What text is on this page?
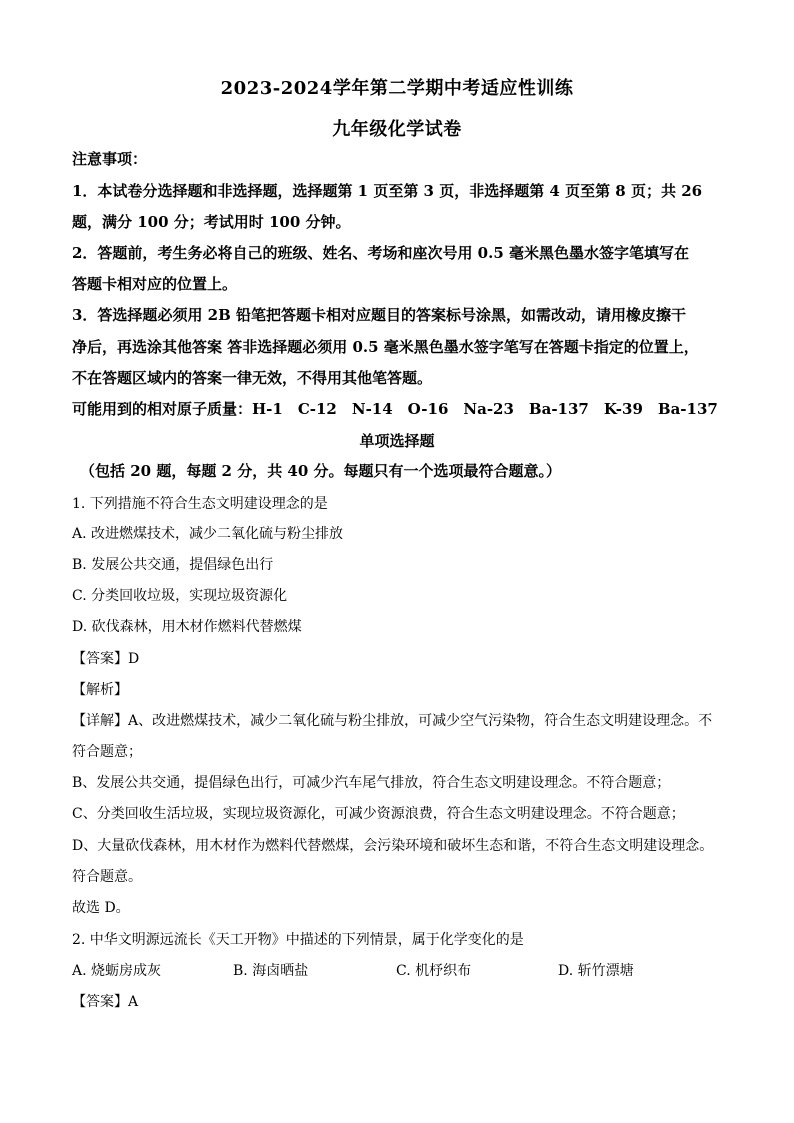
2023-2024学年第二学期中考适应性训练
九年级化学试卷
注意事项：
1．本试卷分选择题和非选择题，选择题第 1 页至第 3 页，非选择题第 4 页至第 8 页；共 26
题，满分 100 分；考试用时 100 分钟。
2．答题前，考生务必将自己的班级、姓名、考场和座次号用 0.5 毫米黑色墨水签字笔填写在
答题卡相对应的位置上。
3．答选择题必须用 2B 铅笔把答题卡相对应题目的答案标号涂黑，如需改动，请用橡皮擦干
净后，再选涂其他答案 答非选择题必须用 0.5 毫米黑色墨水签字笔写在答题卡指定的位置上，
不在答题区域内的答案一律无效，不得用其他笔答题。
可能用到的相对原子质量：H-1　C-12　N-14　O-16　Na-23　Ba-137　K-39　Ba-137
单项选择题
（包括 20 题，每题 2 分，共 40 分。每题只有一个选项最符合题意。）
1. 下列措施不符合生态文明建设理念的是
A. 改进燃煤技术，减少二氧化硫与粉尘排放
B. 发展公共交通，提倡绿色出行
C. 分类回收垃圾，实现垃圾资源化
D. 砍伐森林，用木材作燃料代替燃煤
【答案】D
【解析】
【详解】A、改进燃煤技术，减少二氧化硫与粉尘排放，可减少空气污染物，符合生态文明建设理念。不
符合题意；
B、发展公共交通，提倡绿色出行，可减少汽车尾气排放，符合生态文明建设理念。不符合题意；
C、分类回收生活垃圾，实现垃圾资源化，可减少资源浪费，符合生态文明建设理念。不符合题意；
D、大量砍伐森林，用木材作为燃料代替燃煤，会污染环境和破坏生态和谐，不符合生态文明建设理念。
符合题意。
故选 D。
2. 中华文明源远流长《天工开物》中描述的下列情景，属于化学变化的是
A. 烧蛎房成灰	B. 海卤晒盐	C. 机杼织布	D. 斩竹漂塘
【答案】A
